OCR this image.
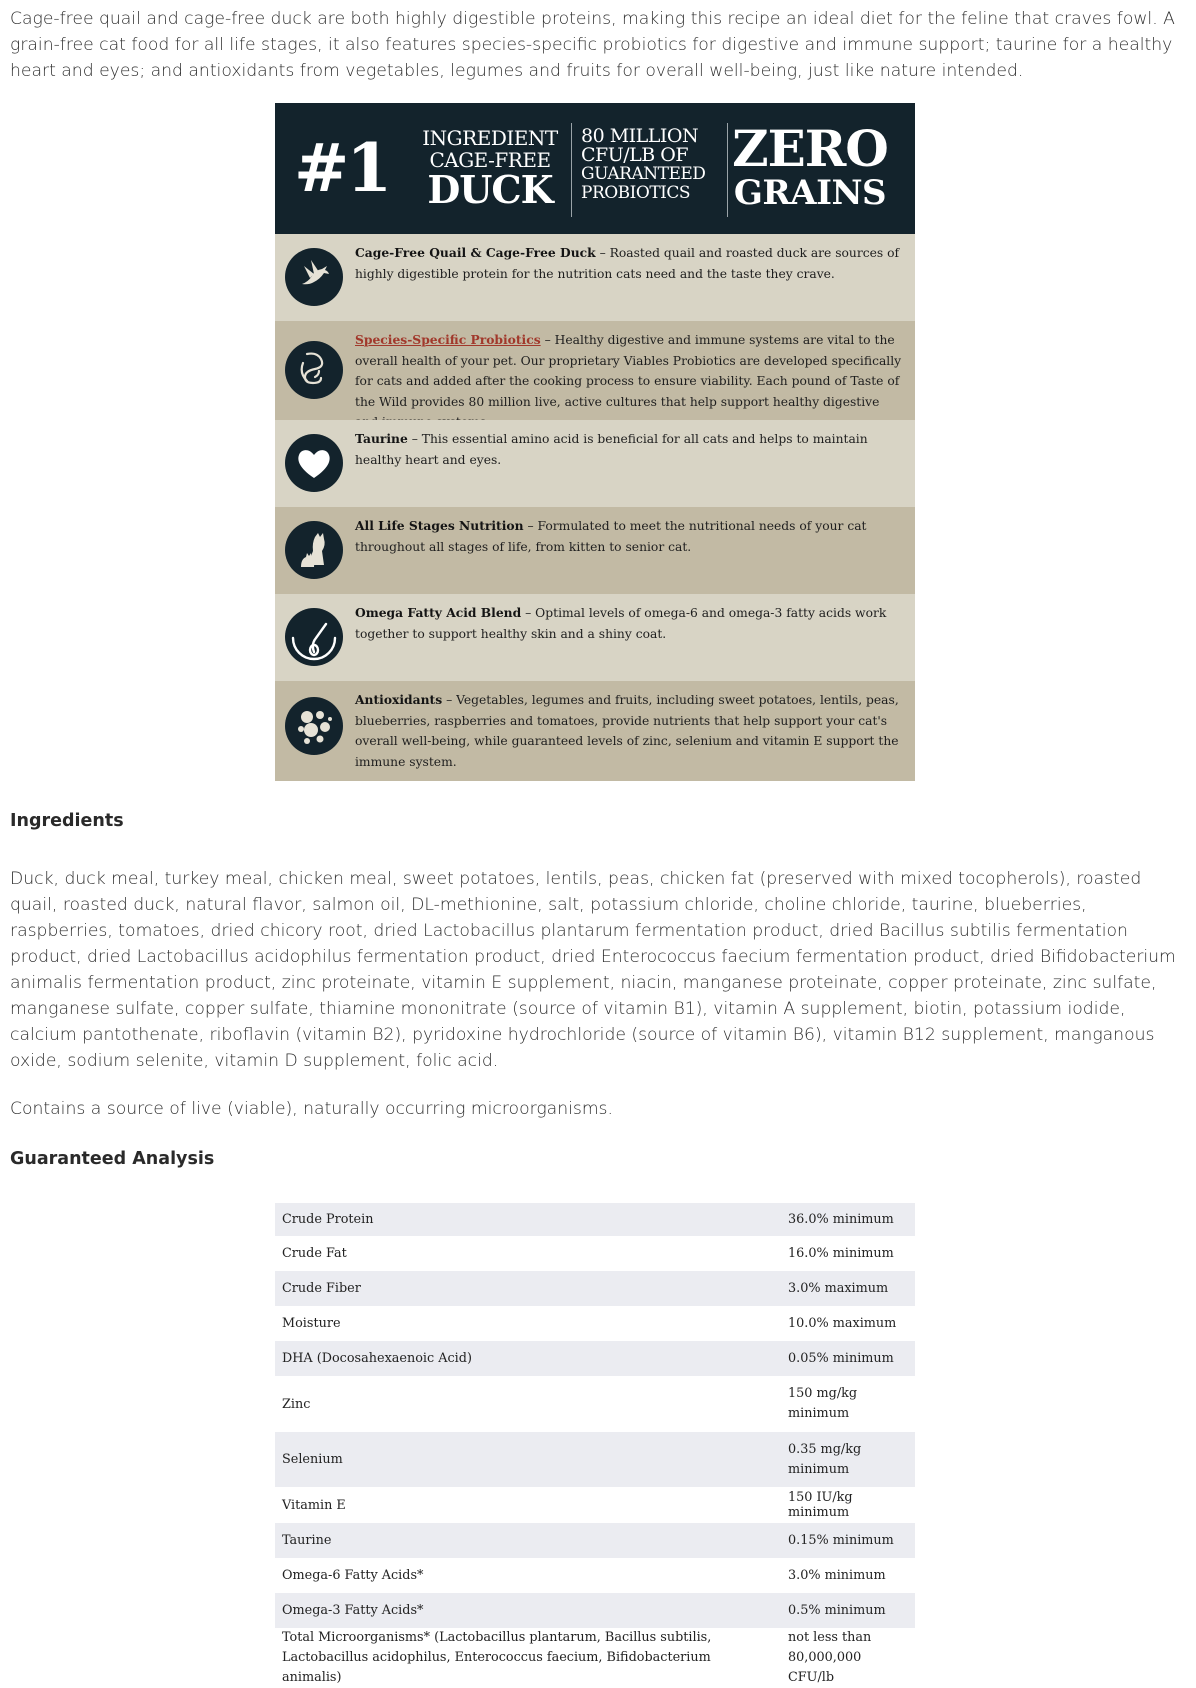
Cage-free quail and cage-free duck are both highly digestible proteins, making this recipe an ideal diet for the feline that craves fowl. A grain-free cat food for all life stages, it also features species-specific probiotics for digestive and immune support; taurine for a healthy heart and eyes; and antioxidants from vegetables, legumes and fruits for overall well-being, just like nature intended.

#1	INGREDIENT
CAGE-FREE
DUCK
80 MILLION
CFU/LB OF
GUARANTEED
PROBIOTICS
ZERO
GRAINS
Cage-Free Quail & Cage-Free Duck – Roasted quail and roasted duck are sources of highly digestible protein for the nutrition cats need and the taste they crave.
Species-Specific Probiotics – Healthy digestive and immune systems are vital to the overall health of your pet. Our proprietary Viables Probiotics are developed specifically for cats and added after the cooking process to ensure viability. Each pound of Taste of the Wild provides 80 million live, active cultures that help support healthy digestive
Taurine – This essential amino acid is beneficial for all cats and helps to maintain healthy heart and eyes.
All Life Stages Nutrition – Formulated to meet the nutritional needs of your cat throughout all stages of life, from kitten to senior cat.
Omega Fatty Acid Blend – Optimal levels of omega-6 and omega-3 fatty acids work together to support healthy skin and a shiny coat.
Antioxidants – Vegetables, legumes and fruits, including sweet potatoes, lentils, peas, blueberries, raspberries and tomatoes, provide nutrients that help support your cat's overall well-being, while guaranteed levels of zinc, selenium and vitamin E support the immune system.
Ingredients

Duck, duck meal, turkey meal, chicken meal, sweet potatoes, lentils, peas, chicken fat (preserved with mixed tocopherols), roasted quail, roasted duck, natural flavor, salmon oil, DL-methionine, salt, potassium chloride, choline chloride, taurine, blueberries, raspberries, tomatoes, dried chicory root, dried Lactobacillus plantarum fermentation product, dried Bacillus subtilis fermentation product, dried Lactobacillus acidophilus fermentation product, dried Enterococcus faecium fermentation product, dried Bifidobacterium animalis fermentation product, zinc proteinate, vitamin E supplement, niacin, manganese proteinate, copper proteinate, zinc sulfate, manganese sulfate, copper sulfate, thiamine mononitrate (source of vitamin B1), vitamin A supplement, biotin, potassium iodide, calcium pantothenate, riboflavin (vitamin B2), pyridoxine hydrochloride (source of vitamin B6), vitamin B12 supplement, manganous oxide, sodium selenite, vitamin D supplement, folic acid.

Contains a source of live (viable), naturally occurring microorganisms.

Guaranteed Analysis
Crude Protein	36.0% minimum
Crude Fat	16.0% minimum
Crude Fiber	3.0% maximum
Moisture	10.0% maximum
DHA (Docosahexaenoic Acid)	0.05% minimum
Zinc	150 mg/kg minimum
Selenium	0.35 mg/kg minimum
Vitamin E	150 IU/kg minimum
Taurine	0.15% minimum
Omega-6 Fatty Acids*	3.0% minimum
Omega-3 Fatty Acids*	0.5% minimum
Total Microorganisms* (Lactobacillus plantarum, Bacillus subtilis, Lactobacillus acidophilus, Enterococcus faecium, Bifidobacterium animalis)	not less than 80,000,000 CFU/lb
